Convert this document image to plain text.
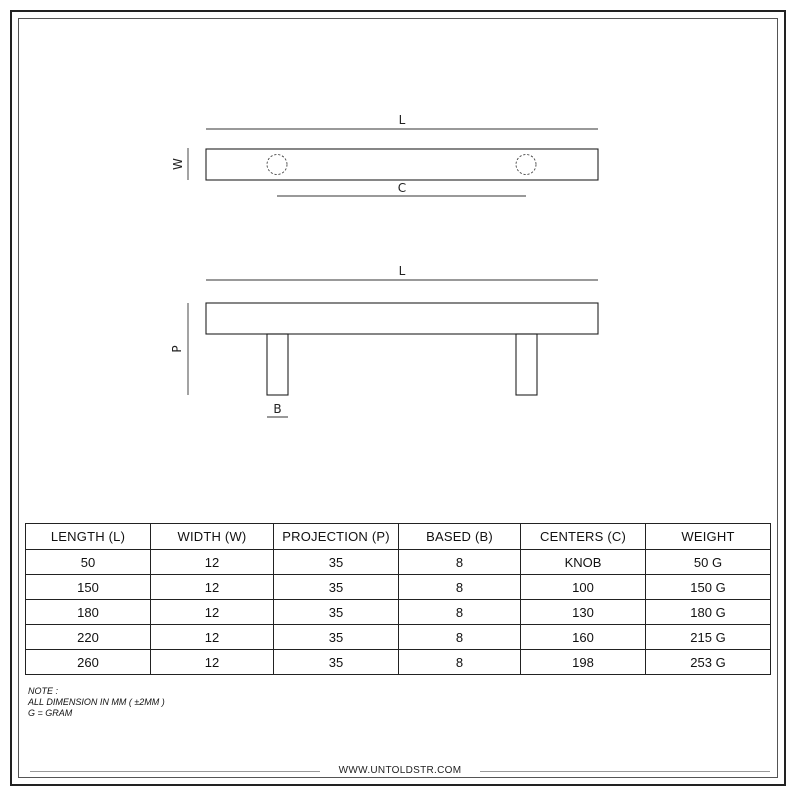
L
W
C
L
P
B
LENGTH (L)	WIDTH (W)	PROJECTION (P)	BASED (B)	CENTERS (C)	WEIGHT
50	12	35	8	KNOB	50 G
150	12	35	8	100	150 G
180	12	35	8	130	180 G
220	12	35	8	160	215 G
260	12	35	8	198	253 G
NOTE :
ALL DIMENSION IN MM ( ±2MM )
G = GRAM
WWW.UNTOLDSTR.COM
